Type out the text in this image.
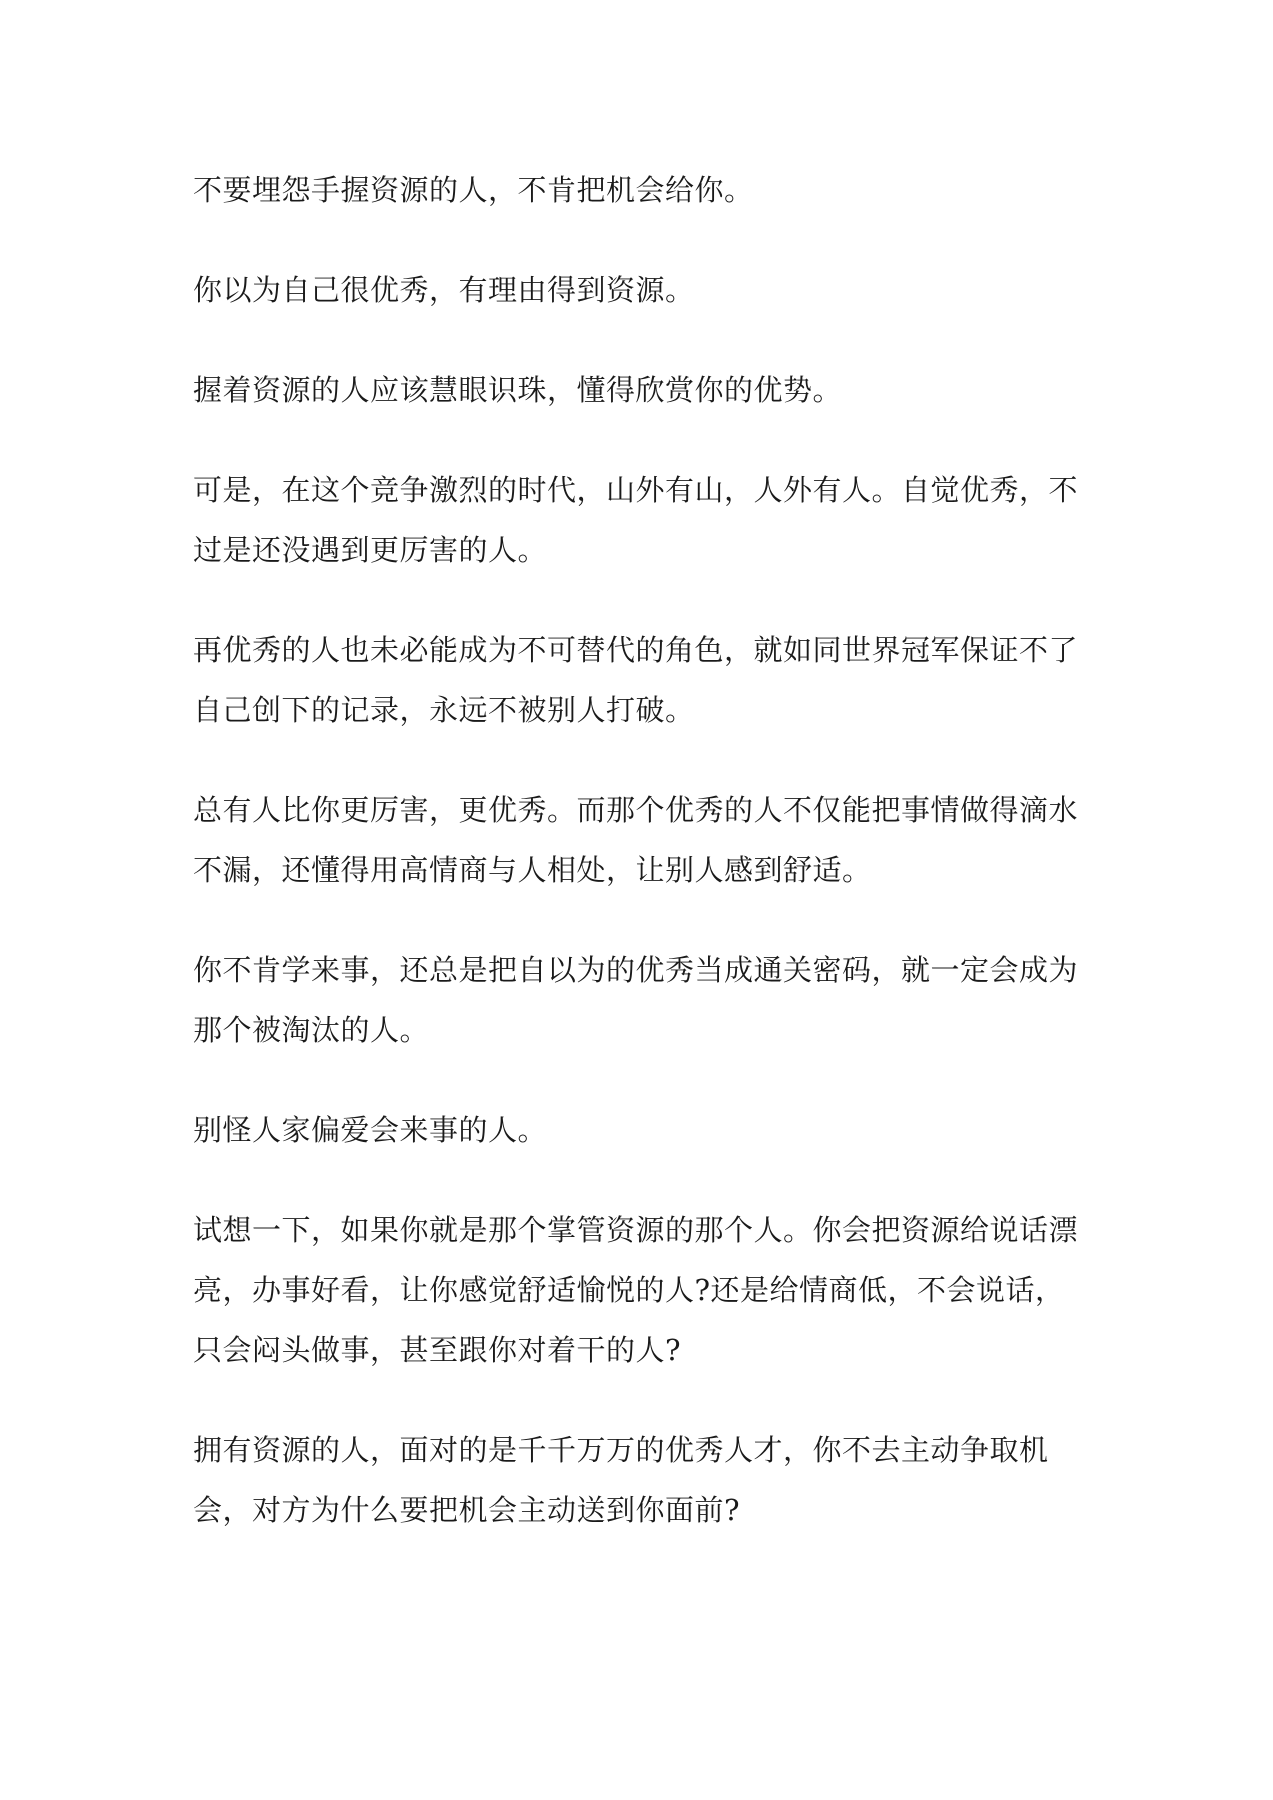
不要埋怨手握资源的人，不肯把机会给你。

你以为自己很优秀，有理由得到资源。

握着资源的人应该慧眼识珠，懂得欣赏你的优势。

可是，在这个竞争激烈的时代，山外有山，人外有人。自觉优秀，不过是还没遇到更厉害的人。

再优秀的人也未必能成为不可替代的角色，就如同世界冠军保证不了自己创下的记录，永远不被别人打破。

总有人比你更厉害，更优秀。而那个优秀的人不仅能把事情做得滴水不漏，还懂得用高情商与人相处，让别人感到舒适。

你不肯学来事，还总是把自以为的优秀当成通关密码，就一定会成为那个被淘汰的人。

别怪人家偏爱会来事的人。

试想一下，如果你就是那个掌管资源的那个人。你会把资源给说话漂亮，办事好看，让你感觉舒适愉悦的人?还是给情商低，不会说话，只会闷头做事，甚至跟你对着干的人?

拥有资源的人，面对的是千千万万的优秀人才，你不去主动争取机会，对方为什么要把机会主动送到你面前?
